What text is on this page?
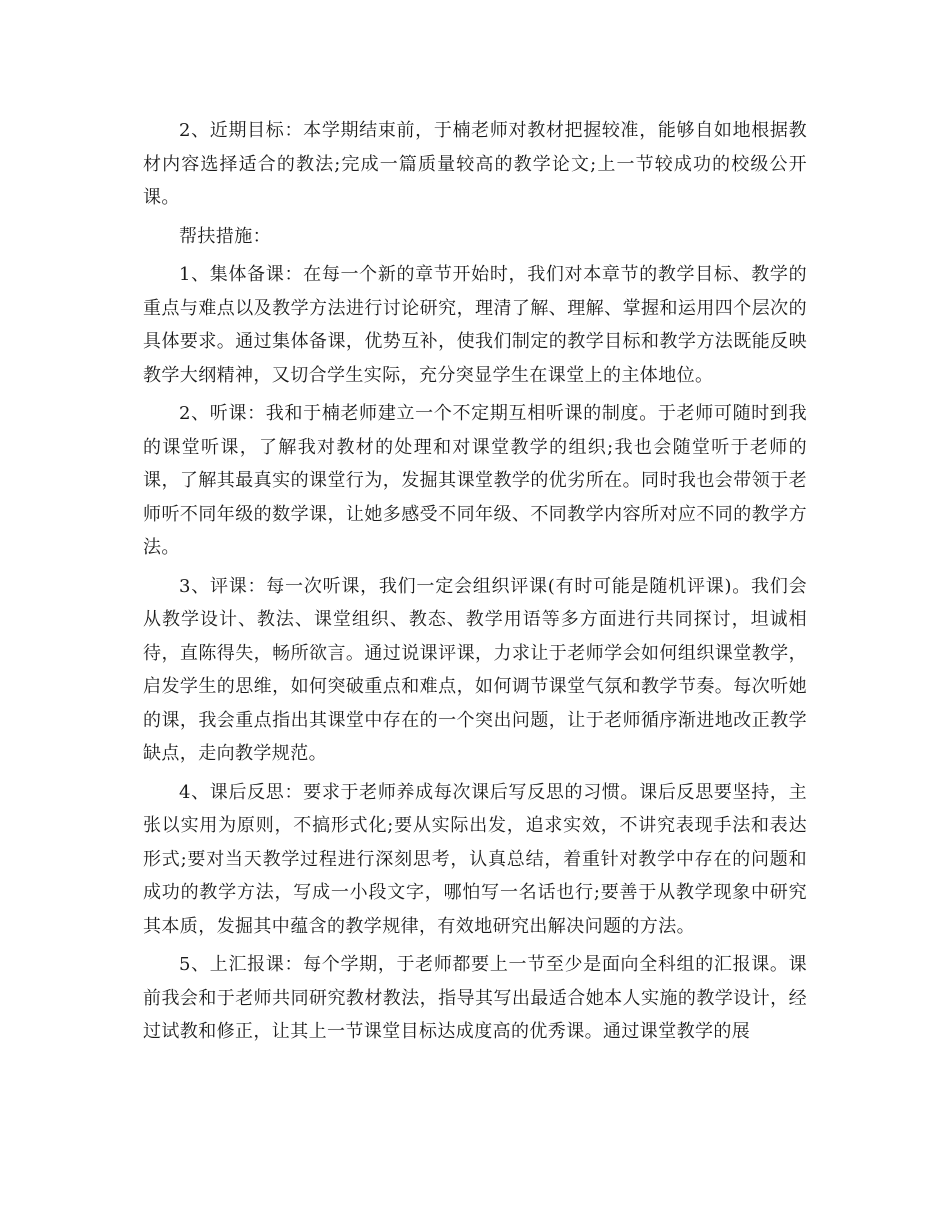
2、近期目标：本学期结束前，于楠老师对教材把握较准，能够自如地根据教材内容选择适合的教法;完成一篇质量较高的教学论文;上一节较成功的校级公开课。

帮扶措施：

1、集体备课：在每一个新的章节开始时，我们对本章节的教学目标、教学的重点与难点以及教学方法进行讨论研究，理清了解、理解、掌握和运用四个层次的具体要求。通过集体备课，优势互补，使我们制定的教学目标和教学方法既能反映教学大纲精神，又切合学生实际，充分突显学生在课堂上的主体地位。

2、听课：我和于楠老师建立一个不定期互相听课的制度。于老师可随时到我的课堂听课，了解我对教材的处理和对课堂教学的组织;我也会随堂听于老师的课，了解其最真实的课堂行为，发掘其课堂教学的优劣所在。同时我也会带领于老师听不同年级的数学课，让她多感受不同年级、不同教学内容所对应不同的教学方法。

3、评课：每一次听课，我们一定会组织评课(有时可能是随机评课)。我们会从教学设计、教法、课堂组织、教态、教学用语等多方面进行共同探讨，坦诚相待，直陈得失，畅所欲言。通过说课评课，力求让于老师学会如何组织课堂教学，启发学生的思维，如何突破重点和难点，如何调节课堂气氛和教学节奏。每次听她的课，我会重点指出其课堂中存在的一个突出问题，让于老师循序渐进地改正教学缺点，走向教学规范。

4、课后反思：要求于老师养成每次课后写反思的习惯。课后反思要坚持，主张以实用为原则，不搞形式化;要从实际出发，追求实效，不讲究表现手法和表达形式;要对当天教学过程进行深刻思考，认真总结，着重针对教学中存在的问题和成功的教学方法，写成一小段文字，哪怕写一名话也行;要善于从教学现象中研究其本质，发掘其中蕴含的教学规律，有效地研究出解决问题的方法。

5、上汇报课：每个学期，于老师都要上一节至少是面向全科组的汇报课。课前我会和于老师共同研究教材教法，指导其写出最适合她本人实施的教学设计，经过试教和修正，让其上一节课堂目标达成度高的优秀课。通过课堂教学的展
